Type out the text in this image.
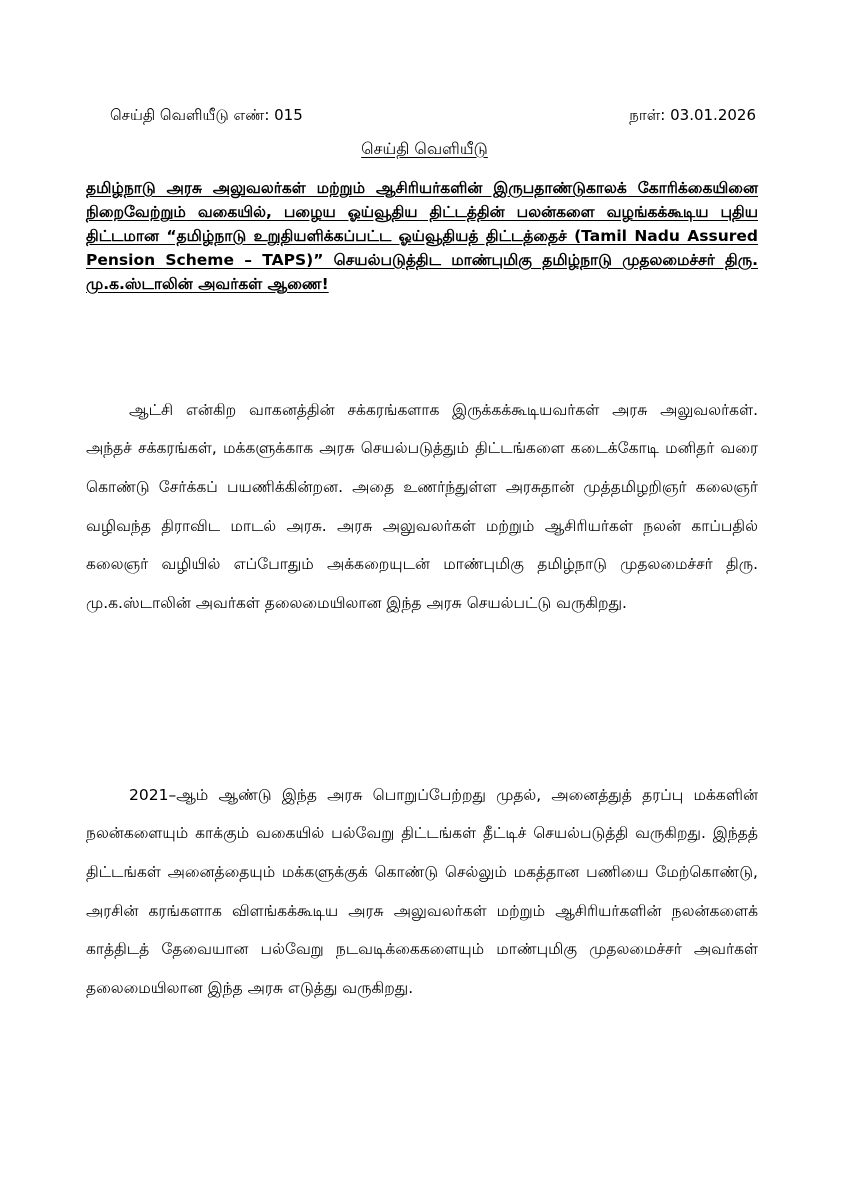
செய்தி வெளியீடு எண்: 015	நாள்: 03.01.2026
செய்தி வெளியீடு
தமிழ்நாடு அரசு அலுவலர்கள் மற்றும் ஆசிரியர்களின் இருபதாண்டுகாலக் கோரிக்கையினை நிறைவேற்றும் வகையில், பழைய ஓய்வூதிய திட்டத்தின் பலன்களை வழங்கக்கூடிய புதிய திட்டமான “தமிழ்நாடு உறுதியளிக்கப்பட்ட ஓய்வூதியத் திட்டத்தைச் (Tamil Nadu Assured Pension Scheme – TAPS)” செயல்படுத்திட மாண்புமிகு தமிழ்நாடு முதலமைச்சர் திரு. மு.க.ஸ்டாலின் அவர்கள் ஆணை!

ஆட்சி என்கிற வாகனத்தின் சக்கரங்களாக இருக்கக்கூடியவர்கள் அரசு அலுவலர்கள். அந்தச் சக்கரங்கள், மக்களுக்காக அரசு செயல்படுத்தும் திட்டங்களை கடைக்கோடி மனிதர் வரை கொண்டு சேர்க்கப் பயணிக்கின்றன. அதை உணர்ந்துள்ள அரசுதான் முத்தமிழறிஞர் கலைஞர் வழிவந்த திராவிட மாடல் அரசு. அரசு அலுவலர்கள் மற்றும் ஆசிரியர்கள் நலன் காப்பதில் கலைஞர் வழியில் எப்போதும் அக்கறையுடன் மாண்புமிகு தமிழ்நாடு முதலமைச்சர் திரு. மு.க.ஸ்டாலின் அவர்கள் தலைமையிலான இந்த அரசு செயல்பட்டு வருகிறது.

2021–ஆம் ஆண்டு இந்த அரசு பொறுப்பேற்றது முதல், அனைத்துத் தரப்பு மக்களின் நலன்களையும் காக்கும் வகையில் பல்வேறு திட்டங்கள் தீட்டிச் செயல்படுத்தி வருகிறது. இந்தத் திட்டங்கள் அனைத்தையும் மக்களுக்குக் கொண்டு செல்லும் மகத்தான பணியை மேற்கொண்டு, அரசின் கரங்களாக விளங்கக்கூடிய அரசு அலுவலர்கள் மற்றும் ஆசிரியர்களின் நலன்களைக் காத்திடத் தேவையான பல்வேறு நடவடிக்கைகளையும் மாண்புமிகு முதலமைச்சர் அவர்கள் தலைமையிலான இந்த அரசு எடுத்து வருகிறது.
